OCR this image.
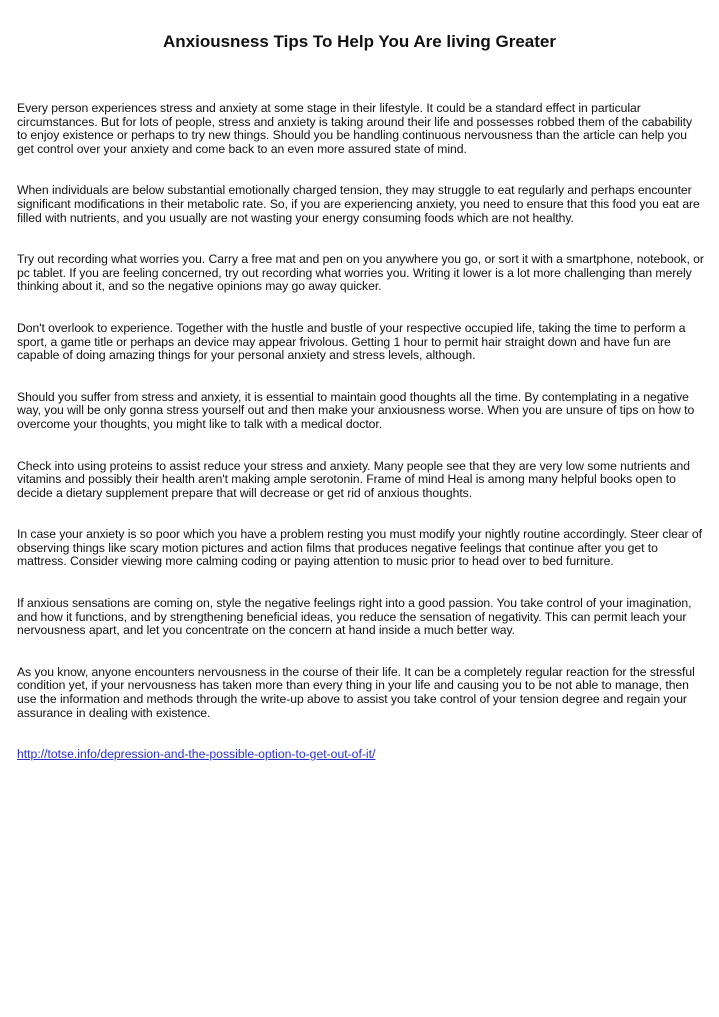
Anxiousness Tips To Help You Are living Greater

Every person experiences stress and anxiety at some stage in their lifestyle. It could be a standard effect in particular circumstances. But for lots of people, stress and anxiety is taking around their life and possesses robbed them of the cabability to enjoy existence or perhaps to try new things. Should you be handling continuous nervousness than the article can help you get control over your anxiety and come back to an even more assured state of mind.

When individuals are below substantial emotionally charged tension, they may struggle to eat regularly and perhaps encounter significant modifications in their metabolic rate. So, if you are experiencing anxiety, you need to ensure that this food you eat are filled with nutrients, and you usually are not wasting your energy consuming foods which are not healthy.

Try out recording what worries you. Carry a free mat and pen on you anywhere you go, or sort it with a smartphone, notebook, or pc tablet. If you are feeling concerned, try out recording what worries you. Writing it lower is a lot more challenging than merely thinking about it, and so the negative opinions may go away quicker.

Don't overlook to experience. Together with the hustle and bustle of your respective occupied life, taking the time to perform a sport, a game title or perhaps an device may appear frivolous. Getting 1 hour to permit hair straight down and have fun are capable of doing amazing things for your personal anxiety and stress levels, although.

Should you suffer from stress and anxiety, it is essential to maintain good thoughts all the time. By contemplating in a negative way, you will be only gonna stress yourself out and then make your anxiousness worse. When you are unsure of tips on how to overcome your thoughts, you might like to talk with a medical doctor.

Check into using proteins to assist reduce your stress and anxiety. Many people see that they are very low some nutrients and vitamins and possibly their health aren't making ample serotonin. Frame of mind Heal is among many helpful books open to decide a dietary supplement prepare that will decrease or get rid of anxious thoughts.

In case your anxiety is so poor which you have a problem resting you must modify your nightly routine accordingly. Steer clear of observing things like scary motion pictures and action films that produces negative feelings that continue after you get to mattress. Consider viewing more calming coding or paying attention to music prior to head over to bed furniture.

If anxious sensations are coming on, style the negative feelings right into a good passion. You take control of your imagination, and how it functions, and by strengthening beneficial ideas, you reduce the sensation of negativity. This can permit leach your nervousness apart, and let you concentrate on the concern at hand inside a much better way.

As you know, anyone encounters nervousness in the course of their life. It can be a completely regular reaction for the stressful condition yet, if your nervousness has taken more than every thing in your life and causing you to be not able to manage, then use the information and methods through the write-up above to assist you take control of your tension degree and regain your assurance in dealing with existence.

http://totse.info/depression-and-the-possible-option-to-get-out-of-it/
